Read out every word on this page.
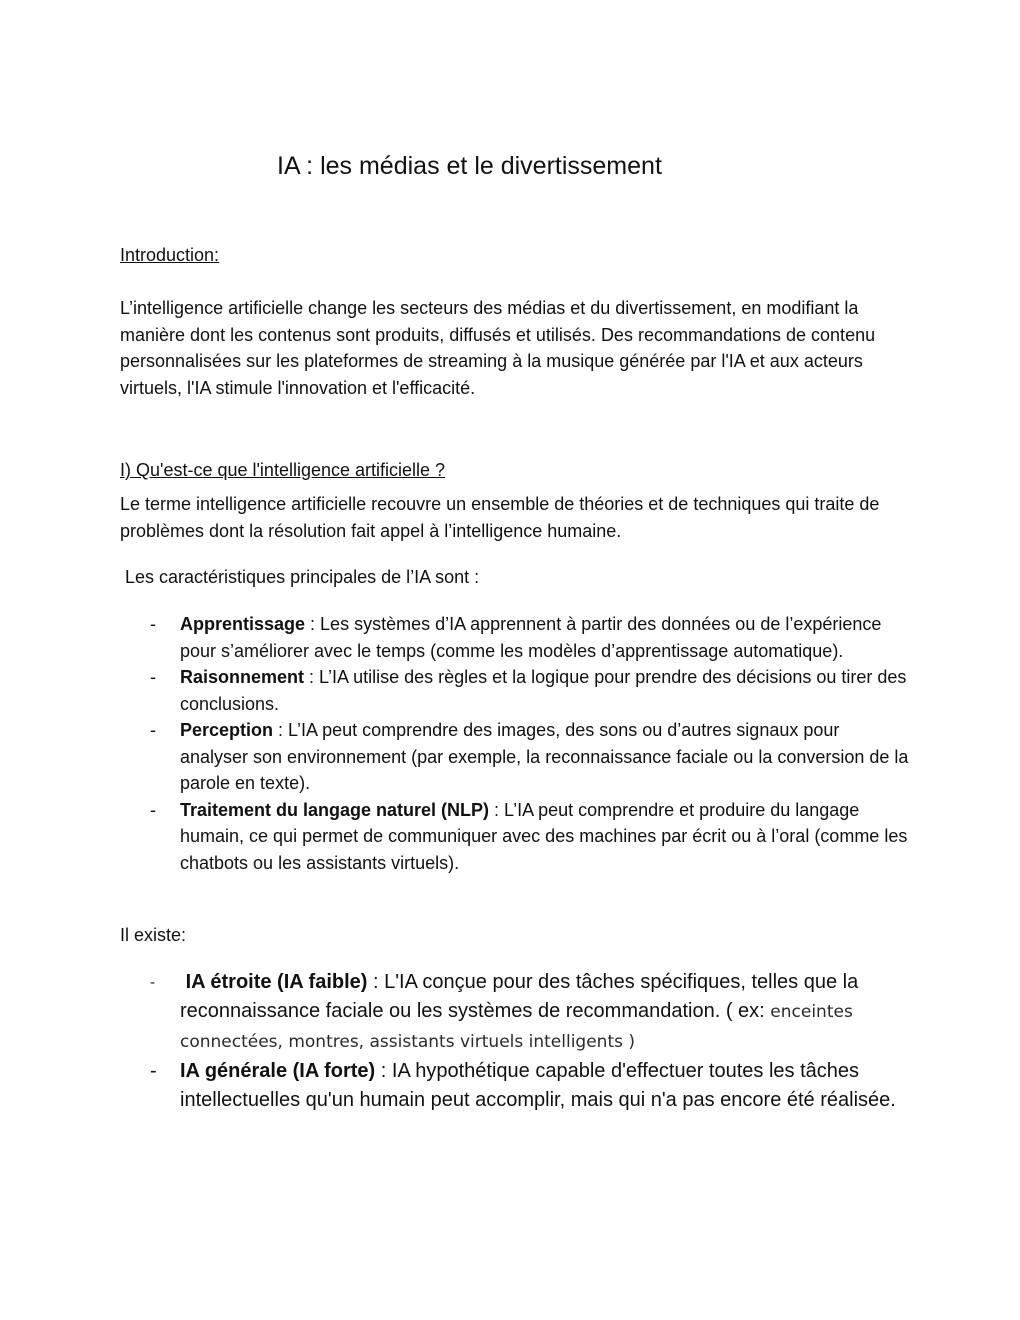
IA : les médias et le divertissement

Introduction:

L’intelligence artificielle change les secteurs des médias et du divertissement, en modifiant la manière dont les contenus sont produits, diffusés et utilisés. Des recommandations de contenu personnalisées sur les plateformes de streaming à la musique générée par l'IA et aux acteurs virtuels, l'IA stimule l'innovation et l'efficacité.

I) Qu'est-ce que l'intelligence artificielle ?

Le terme intelligence artificielle recouvre un ensemble de théories et de techniques qui traite de problèmes dont la résolution fait appel à l’intelligence humaine.

Les caractéristiques principales de l’IA sont :

- Apprentissage : Les systèmes d’IA apprennent à partir des données ou de l’expérience pour s’améliorer avec le temps (comme les modèles d’apprentissage automatique).
- Raisonnement : L’IA utilise des règles et la logique pour prendre des décisions ou tirer des conclusions.
- Perception : L’IA peut comprendre des images, des sons ou d’autres signaux pour analyser son environnement (par exemple, la reconnaissance faciale ou la conversion de la parole en texte).
- Traitement du langage naturel (NLP) : L’IA peut comprendre et produire du langage humain, ce qui permet de communiquer avec des machines par écrit ou à l’oral (comme les chatbots ou les assistants virtuels).

Il existe:

- IA étroite (IA faible) : L'IA conçue pour des tâches spécifiques, telles que la reconnaissance faciale ou les systèmes de recommandation. ( ex: enceintes connectées, montres, assistants virtuels intelligents )
- IA générale (IA forte) : IA hypothétique capable d'effectuer toutes les tâches intellectuelles qu'un humain peut accomplir, mais qui n'a pas encore été réalisée.
